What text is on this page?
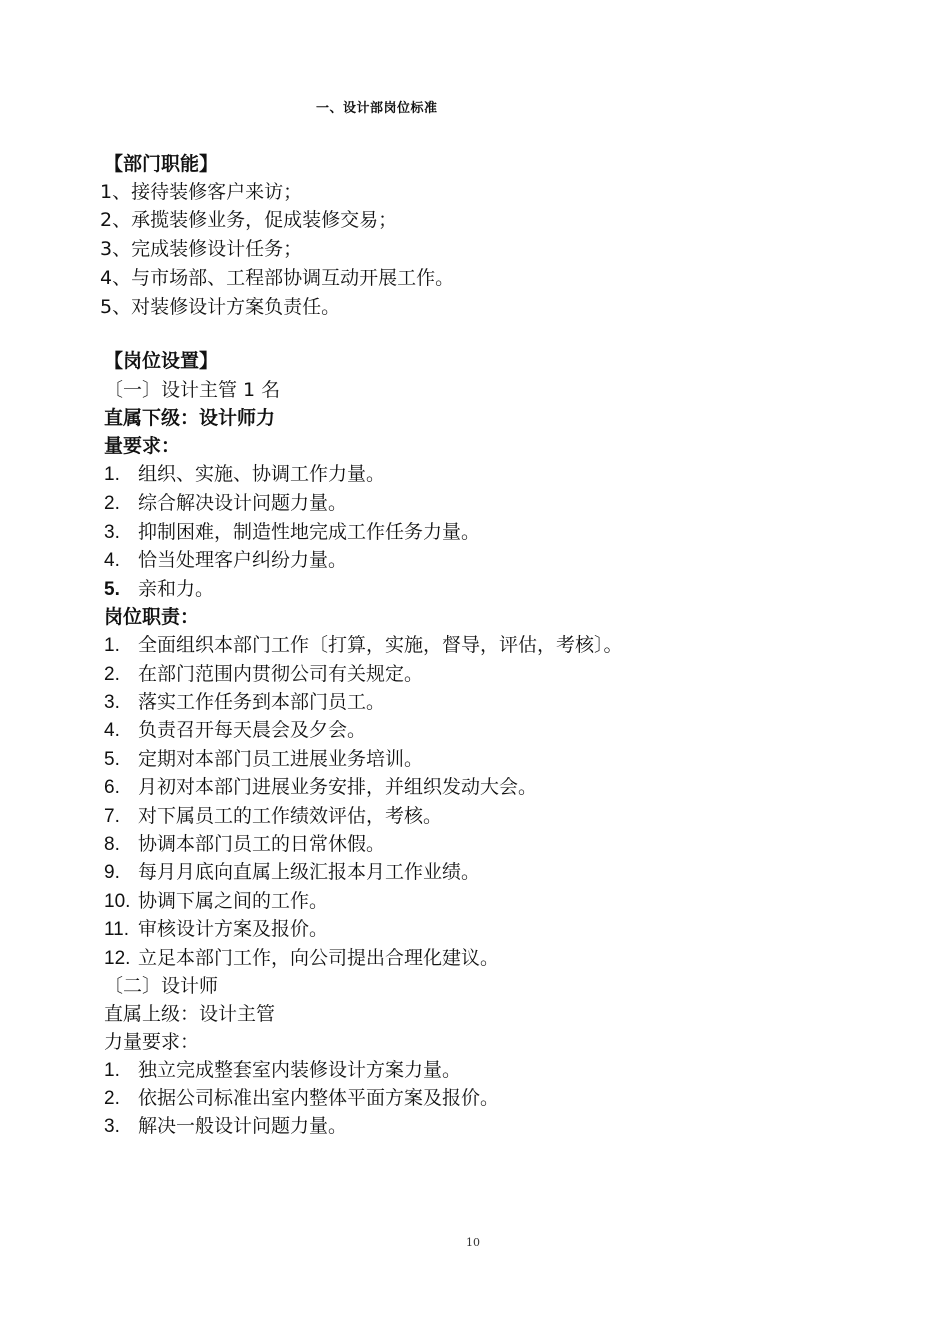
一、设计部岗位标准
【部门职能】
1、接待装修客户来访；
2、承揽装修业务，促成装修交易；
3、完成装修设计任务；
4、与市场部、工程部协调互动开展工作。
5、对装修设计方案负责任。
【岗位设置】
〔一〕设计主管 1 名
直属下级：设计师力
量要求：
1. 组织、实施、协调工作力量。
2. 综合解决设计问题力量。
3. 抑制困难，制造性地完成工作任务力量。
4. 恰当处理客户纠纷力量。
5. 亲和力。
岗位职责：
1. 全面组织本部门工作〔打算，实施，督导，评估，考核〕。
2. 在部门范围内贯彻公司有关规定。
3. 落实工作任务到本部门员工。
4. 负责召开每天晨会及夕会。
5. 定期对本部门员工进展业务培训。
6. 月初对本部门进展业务安排，并组织发动大会。
7. 对下属员工的工作绩效评估，考核。
8. 协调本部门员工的日常休假。
9. 每月月底向直属上级汇报本月工作业绩。
10. 协调下属之间的工作。
11. 审核设计方案及报价。
12. 立足本部门工作，向公司提出合理化建议。
〔二〕设计师
直属上级：设计主管
力量要求：
1. 独立完成整套室内装修设计方案力量。
2. 依据公司标准出室内整体平面方案及报价。
3. 解决一般设计问题力量。
10
